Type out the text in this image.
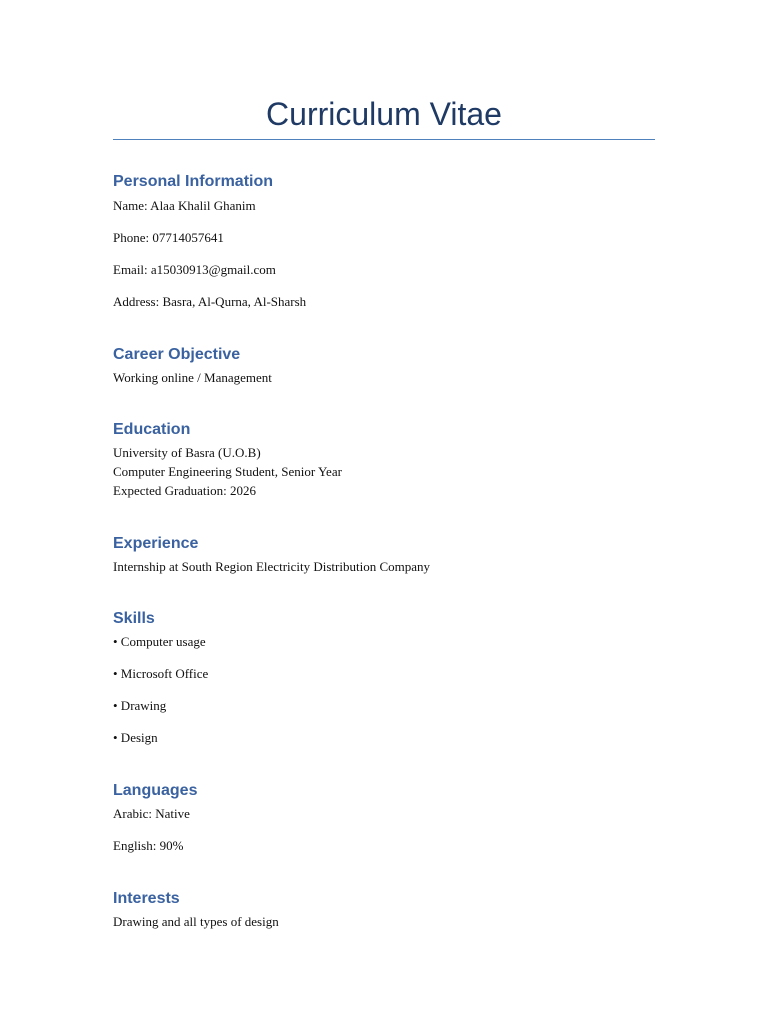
Curriculum Vitae
Personal Information
Name: Alaa Khalil Ghanim
Phone: 07714057641
Email: a15030913@gmail.com
Address: Basra, Al-Qurna, Al-Sharsh
Career Objective
Working online / Management
Education
University of Basra (U.O.B)
Computer Engineering Student, Senior Year
Expected Graduation: 2026
Experience
Internship at South Region Electricity Distribution Company
Skills
• Computer usage
• Microsoft Office
• Drawing
• Design
Languages
Arabic: Native
English: 90%
Interests
Drawing and all types of design
